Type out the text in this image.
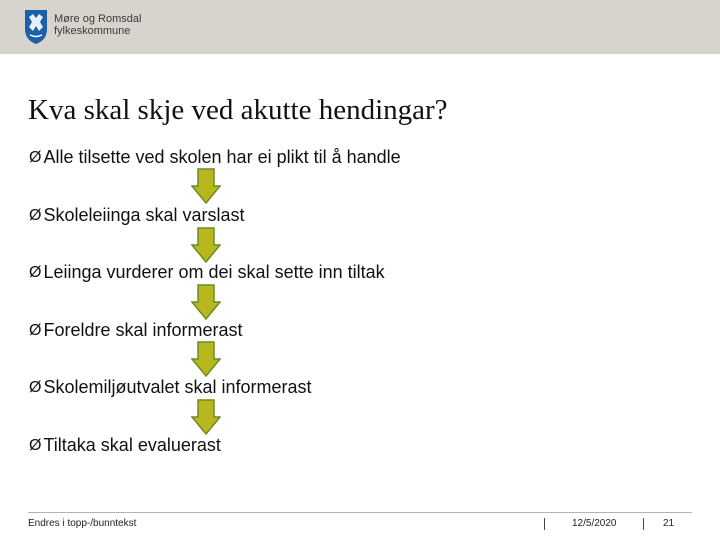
Møre og Romsdal
fylkeskommune
Kva skal skje ved akutte hendingar?
Ø Alle tilsette ved skolen har ei plikt til å handle
Ø Skoleleiinga skal varslast
Ø Leiinga vurderer om dei skal sette inn tiltak
Ø Foreldre skal informerast
Ø Skolemiljøutvalet skal informerast
Ø Tiltaka skal evaluerast
Endres i topp-/bunntekst	12/5/2020	21
